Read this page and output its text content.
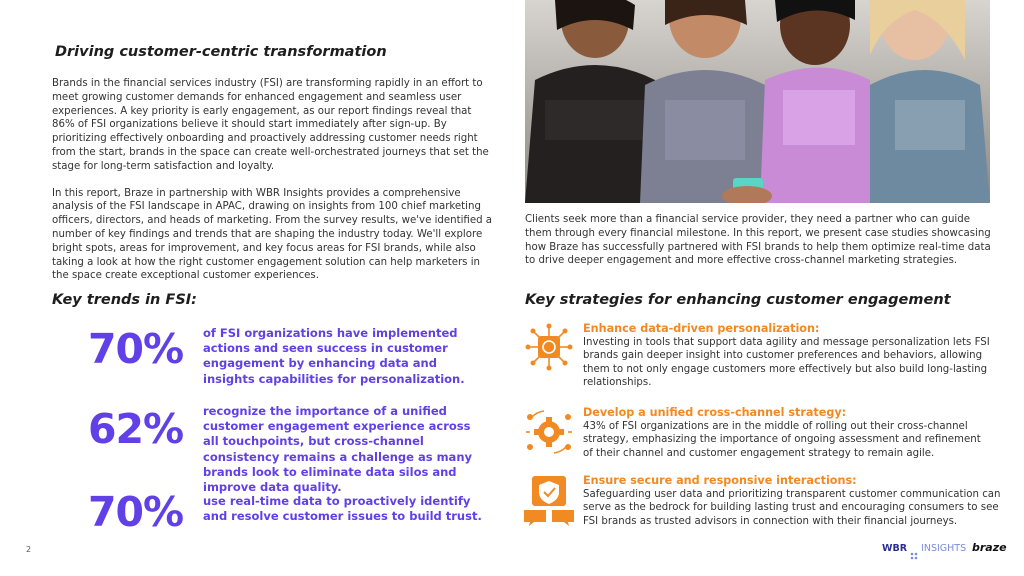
Driving customer-centric transformation

Brands in the financial services industry (FSI) are transforming rapidly in an effort to meet growing customer demands for enhanced engagement and seamless user experiences. A key priority is early engagement, as our report findings reveal that 86% of FSI organizations believe it should start immediately after sign-up. By prioritizing effectively onboarding and proactively addressing customer needs right from the start, brands in the space can create well-orchestrated journeys that set the stage for long-term satisfaction and loyalty.

In this report, Braze in partnership with WBR Insights provides a comprehensive analysis of the FSI landscape in APAC, drawing on insights from 100 chief marketing officers, directors, and heads of marketing. From the survey results, we've identified a number of key findings and trends that are shaping the industry today. We'll explore bright spots, areas for improvement, and key focus areas for FSI brands, while also taking a look at how the right customer engagement solution can help marketers in the space create exceptional customer experiences.

Key trends in FSI:
70% of FSI organizations have implemented actions and seen success in customer engagement by enhancing data and insights capabilities for personalization.

62% recognize the importance of a unified customer engagement experience across all touchpoints, but cross-channel consistency remains a challenge as many brands look to eliminate data silos and improve data quality.

70% use real-time data to proactively identify and resolve customer issues to build trust.

Clients seek more than a financial service provider, they need a partner who can guide them through every financial milestone. In this report, we present case studies showcasing how Braze has successfully partnered with FSI brands to help them optimize real-time data to drive deeper engagement and more effective cross-channel marketing strategies.

Key strategies for enhancing customer engagement

Enhance data-driven personalization:

Investing in tools that support data agility and message personalization lets FSI brands gain deeper insight into customer preferences and behaviors, allowing them to not only engage customers more effectively but also build long-lasting relationships.

Develop a unified cross-channel strategy:

43% of FSI organizations are in the middle of rolling out their cross-channel strategy, emphasizing the importance of ongoing assessment and refinement of their channel and customer engagement strategy to remain agile.

Ensure secure and responsive interactions:

Safeguarding user data and prioritizing transparent customer communication can serve as the bedrock for building lasting trust and encouraging consumers to see FSI brands as trusted advisors in connection with their financial journeys.

2	WBR INSIGHTS braze
